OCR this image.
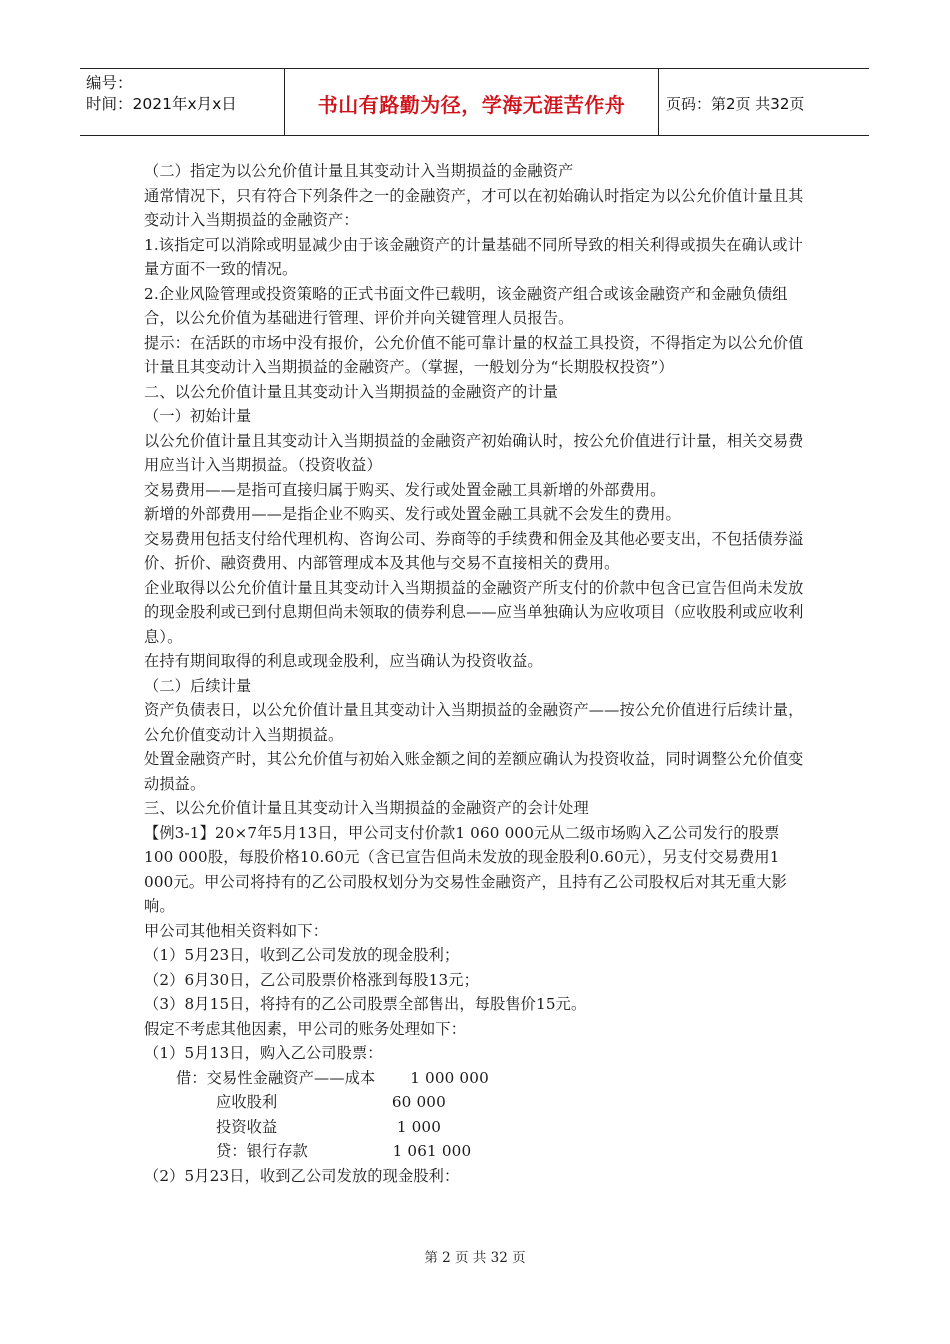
编号：
时间：2021年x月x日	书山有路勤为径，学海无涯苦作舟	页码：第2页 共32页

（二）指定为以公允价值计量且其变动计入当期损益的金融资产

通常情况下，只有符合下列条件之一的金融资产，才可以在初始确认时指定为以公允价值计量且其变动计入当期损益的金融资产：

1.该指定可以消除或明显减少由于该金融资产的计量基础不同所导致的相关利得或损失在确认或计量方面不一致的情况。

2.企业风险管理或投资策略的正式书面文件已载明，该金融资产组合或该金融资产和金融负债组合，以公允价值为基础进行管理、评价并向关键管理人员报告。

提示：在活跃的市场中没有报价，公允价值不能可靠计量的权益工具投资，不得指定为以公允价值计量且其变动计入当期损益的金融资产。（掌握，一般划分为“长期股权投资”）

二、以公允价值计量且其变动计入当期损益的金融资产的计量

（一）初始计量

以公允价值计量且其变动计入当期损益的金融资产初始确认时，按公允价值进行计量，相关交易费用应当计入当期损益。（投资收益）

交易费用——是指可直接归属于购买、发行或处置金融工具新增的外部费用。

新增的外部费用——是指企业不购买、发行或处置金融工具就不会发生的费用。

交易费用包括支付给代理机构、咨询公司、券商等的手续费和佣金及其他必要支出，不包括债券溢价、折价、融资费用、内部管理成本及其他与交易不直接相关的费用。

企业取得以公允价值计量且其变动计入当期损益的金融资产所支付的价款中包含已宣告但尚未发放的现金股利或已到付息期但尚未领取的债券利息——应当单独确认为应收项目（应收股利或应收利息）。

在持有期间取得的利息或现金股利，应当确认为投资收益。

（二）后续计量

资产负债表日，以公允价值计量且其变动计入当期损益的金融资产——按公允价值进行后续计量，公允价值变动计入当期损益。

处置金融资产时，其公允价值与初始入账金额之间的差额应确认为投资收益，同时调整公允价值变动损益。

三、以公允价值计量且其变动计入当期损益的金融资产的会计处理

【例3-1】20×7年5月13日，甲公司支付价款1 060 000元从二级市场购入乙公司发行的股票100 000股，每股价格10.60元（含已宣告但尚未发放的现金股利0.60元），另支付交易费用1 000元。甲公司将持有的乙公司股权划分为交易性金融资产，且持有乙公司股权后对其无重大影响。

甲公司其他相关资料如下：

（1）5月23日，收到乙公司发放的现金股利；

（2）6月30日，乙公司股票价格涨到每股13元；

（3）8月15日，将持有的乙公司股票全部售出，每股售价15元。

假定不考虑其他因素，甲公司的账务处理如下：

（1）5月13日，购入乙公司股票：

借：交易性金融资产——成本       1 000 000

应收股利                       60 000

投资收益                        1 000

贷：银行存款                 1 061 000

（2）5月23日，收到乙公司发放的现金股利：

第 2 页 共 32 页
